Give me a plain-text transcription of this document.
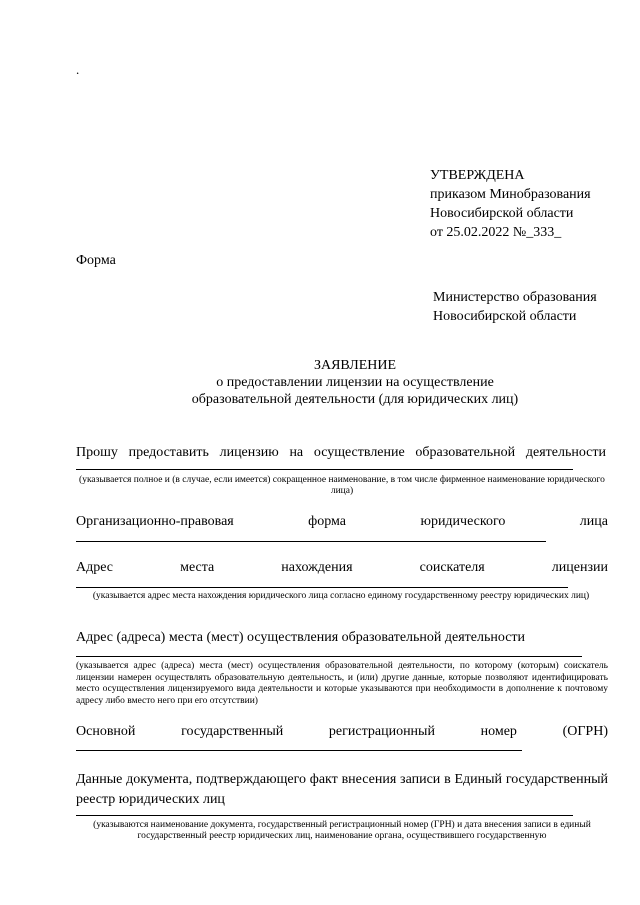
.
УТВЕРЖДЕНА
приказом Минобразования
Новосибирской области
от 25.02.2022 №_333_
Форма
Министерство образования
Новосибирской области
ЗАЯВЛЕНИЕ
о предоставлении лицензии на осуществление
образовательной деятельности (для юридических лиц)
Прошу предоставить лицензию на осуществление образовательной деятельности
(указывается полное и (в случае, если имеется) сокращенное наименование, в том числе фирменное наименование юридического лица)
Организационно-правовая форма юридического лица
Адрес места нахождения соискателя лицензии
(указывается адрес места нахождения юридического лица согласно единому государственному реестру юридических лиц)
Адрес (адреса) места (мест) осуществления образовательной деятельности
(указывается адрес (адреса) места (мест) осуществления образовательной деятельности, по которому (которым) соискатель лицензии намерен осуществлять образовательную деятельность, и (или) другие данные, которые позволяют идентифицировать место осуществления лицензируемого вида деятельности и которые указываются при необходимости в дополнение к почтовому адресу либо вместо него при его отсутствии)
Основной государственный регистрационный номер (ОГРН)
Данные документа, подтверждающего факт внесения записи в Единый государственный реестр юридических лиц
(указываются наименование документа, государственный регистрационный номер (ГРН) и дата внесения записи в единый государственный реестр юридических лиц, наименование органа, осуществившего государственную
